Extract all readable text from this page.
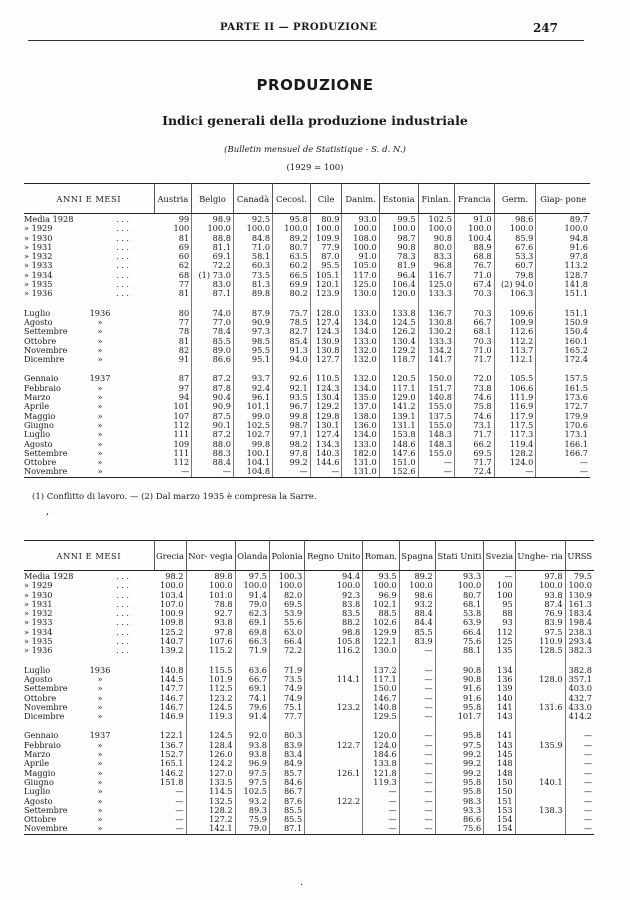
PARTE II — PRODUZIONE	247
PRODUZIONE
Indici generali della produzione industriale
(Bulletin mensuel de Statistique - S. d. N.)
(1929 = 100)
ANNI E MESI			Austria	Belgio	Canadà	Cecosl.	Cile	Danim.	Estonia	Finlan.	Francia	Germ.	Giap- pone
Media 1928		. . .	99	98.9	92.5	95.8	80.9	93.0	99.5	102.5	91.0	98.6	89.7
» 1929		. . .	100	100.0	100.0	100.0	100.0	100.0	100.0	100.0	100.0	100.0	100.0
» 1930		. . .	81	88.8	84.8	89.2	109.9	108.0	98.7	90.8	100.4	85.9	94.8
» 1931		. . .	69	81.1	71.0	80.7	77.9	100.0	90.8	80.0	88.9	67.6	91.6
» 1932		. . .	60	69.1	58.1	63.5	87.0	91.0	78.3	83.3	68.8	53.3	97.8
» 1933		. . .	62	72.2	60.3	60.2	95.5	105.0	81.9	96.8	76.7	60.7	113.2
» 1934		. . .	68	(1) 73.0	73.5	66.5	105.1	117.0	96.4	116.7	71.0	79.8	128.7
» 1935		. . .	77	83.0	81.3	69.9	120.1	125.0	106.4	125.0	67.4	(2) 94.0	141.8
» 1936		. . .	81	87.1	89.8	80.2	123.9	130.0	120.0	133.3	70.3	106.3	151.1

Luglio	1936		80	74.0	87.9	75.7	128.0	133.0	133.8	136.7	70.3	109.6	151.1
Agosto	»		77	77.0	90.9	78.5	127.4	134.0	124.5	130.8	66.7	109.9	150.9
Settembre	»		78	78.4	97.3	82.7	124.3	134.0	126.2	130.2	68.1	112.6	150.4
Ottobre	»		81	85.5	98.5	85.4	130.9	133.0	130.4	133.3	70.3	112.2	160.1
Novembre	»		82	89.0	95.5	91.3	130.8	132.0	129.2	134.2	71.0	113.7	165.2
Dicembre	»		91	86.6	95.1	94.0	127.7	132.0	118.7	141.7	71.7	112.1	172.4

Gennaio	1937		87	87.2	93.7	92.6	110.5	132.0	120.5	150.0	72.0	105.5	157.5
Febbraio	»		97	87.8	92.4	92.1	124.3	134.0	117.1	151.7	73.8	106.6	161.5
Marzo	»		94	90.4	96.1	93.5	130.4	135.0	129.0	140.8	74.6	111.9	173.6
Aprile	»		101	90.9	101.1	96.7	129.2	137.0	141.2	155.0	75.8	116.9	172.7
Maggio	»		107	87.5	99.0	99.8	129.8	138.0	139.1	137.5	74.6	117.9	179.9
Giugno	»		112	90.1	102.5	98.7	130.1	136.0	131.1	155.0	73.1	117.5	170.6
Luglio	»		111	87.2	102.7	97.1	127.4	134.0	153.8	148.3	71.7	117.3	173.1
Agosto	»		109	88.0	99.8	98.2	134.3	133.0	148.6	148.3	66.2	119.4	166.1
Settembre	»		111	88.3	100.1	97.8	140.3	182.0	147.6	155.0	69.5	128.2	166.7
Ottobre	»		112	88.4	104.1	99.2	144.6	131.0	151.0	—	71.7	124.0	—
Novembre	»		—	—	104.8	—	—	131.0	152.6	—	72.4	—	—
(1) Conflitto di lavoro. — (2) Dal marzo 1935 è compresa la Sarre.
,
ANNI E MESI			Grecia	Nor- vegia	Olanda	Polonia	Regno Unito	Roman.	Spagna	Stati Uniti	Svezia	Unghe- ria	URSS
Media 1928		. . .	98.2	89.8	97.5	100.3	94.4	93.5	89.2	93.3	—	97.8	79.5
» 1929		. . .	100.0	100.0	100.0	100.0	100.0	100.0	100.0	100.0	100	100.0	100.0
» 1930		. . .	103.4	101.0	91.4	82.0	92.3	96.9	98.6	80.7	100	93.8	130.9
» 1931		. . .	107.0	78.8	79.0	69.5	83.8	102.1	93.2	68.1	95	87.4	161.3
» 1932		. . .	100.9	92.7	62.3	53.9	83.5	88.5	88.4	53.8	88	76.9	183.4
» 1933		. . .	109.8	93.8	69.1	55.6	88.2	102.6	84.4	63.9	93	83.9	198.4
» 1934		. . .	125.2	97.8	69.8	63.0	98.8	129.9	85.5	66.4	112	97.5	238.3
» 1935		. . .	140.7	107.6	66.3	66.4	105.8	122.1	83.9	75.6	125	110.9	293.4
» 1936		. . .	139.2	115.2	71.9	72.2	116.2	130.0	—	88.1	135	128.5	382.3

Luglio	1936		140.8	115.5	63.6	71.9		137.2	—	90.8	134		382.8
Agosto	»		144.5	101.9	66.7	73.5	114.1	117.1	—	90.8	136	128.0	357.1
Settembre	»		147.7	112.5	69.1	74.9		150.0	—	91.6	139		403.0
Ottobre	»		146.7	123.2	74.1	74.9		146.7	—	91.6	140		432.7
Novembre	»		146.7	124.5	79.6	75.1	123.2	140.8	—	95.8	141	131.6	433.0
Dicembre	»		146.9	119.3	91.4	77.7		129.5	—	101.7	143		414.2

Gennaio	1937		122.1	124.5	92.0	80.3		120.0	—	95.8	141		—
Febbraio	»		136.7	128.4	93.8	83.9	122.7	124.0	—	97.5	143	135.9	—
Marzo	»		152.7	126.0	93.8	83.4		184.6	—	99.2	145		—
Aprile	»		165.1	124.2	96.9	84.9		133.8	—	99.2	148		—
Maggio	»		146.2	127.0	97.5	85.7	126.1	121.8	—	99.2	148		—
Giugno	»		151.8	133.5	97.5	84.6		119.3	—	95.8	150	140.1	—
Luglio	»		—	114.5	102.5	86.7		—	—	95.8	150		—
Agosto	»		—	132.5	93.2	87.6	122.2	—	—	98.3	151		—
Settembre	»		—	128.2	89.3	85.5		—	—	93.3	153	138.3	—
Ottobre	»		—	127.2	75.9	85.5		—	—	86.6	154		—
Novembre	»		—	142.1	79.0	87.1		—	—	75.6	154		—
·
